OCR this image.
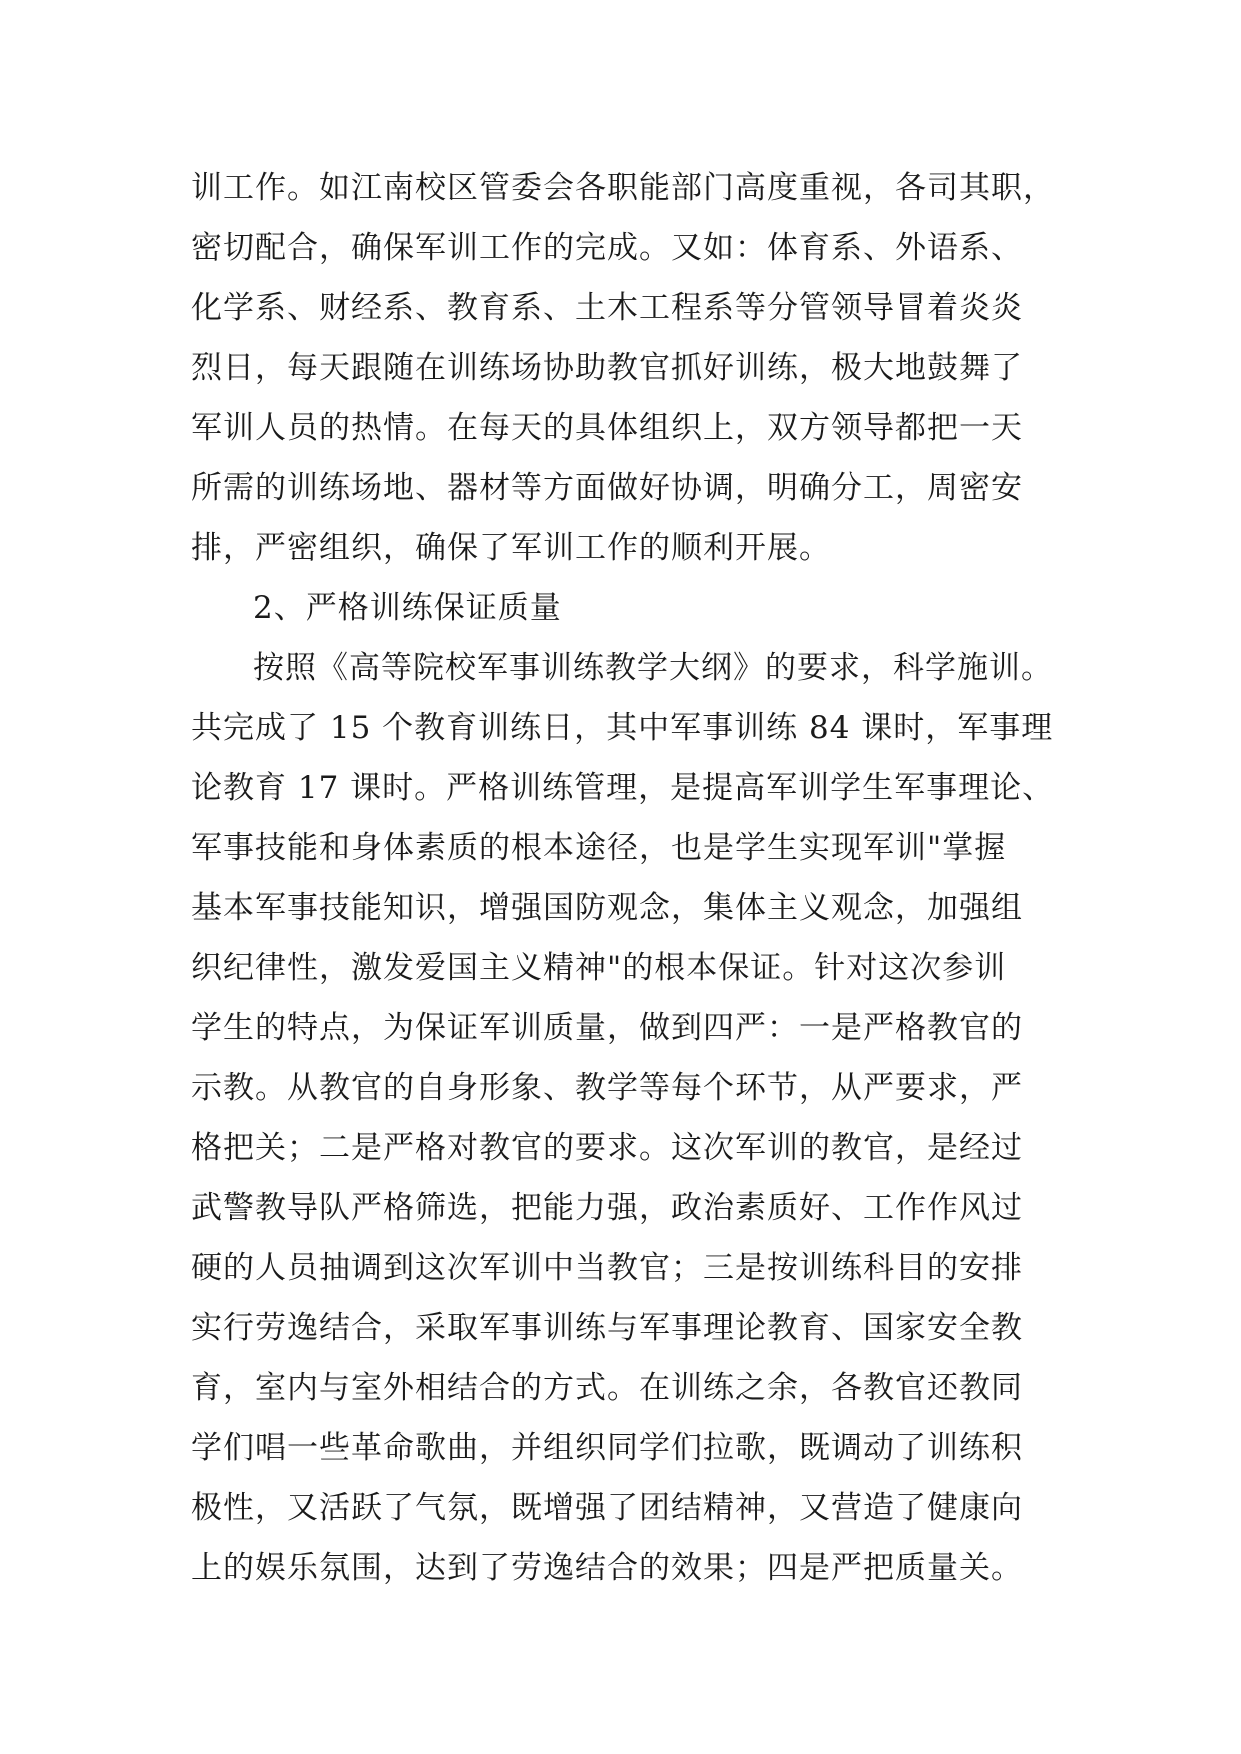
训工作。如江南校区管委会各职能部门高度重视，各司其职，
密切配合，确保军训工作的完成。又如：体育系、外语系、
化学系、财经系、教育系、土木工程系等分管领导冒着炎炎
烈日，每天跟随在训练场协助教官抓好训练，极大地鼓舞了
军训人员的热情。在每天的具体组织上，双方领导都把一天
所需的训练场地、器材等方面做好协调，明确分工，周密安
排，严密组织，确保了军训工作的顺利开展。
2、严格训练保证质量
按照《高等院校军事训练教学大纲》的要求，科学施训。
共完成了 15 个教育训练日，其中军事训练 84 课时，军事理
论教育 17 课时。严格训练管理，是提高军训学生军事理论、
军事技能和身体素质的根本途径，也是学生实现军训"掌握
基本军事技能知识，增强国防观念，集体主义观念，加强组
织纪律性，激发爱国主义精神"的根本保证。针对这次参训
学生的特点，为保证军训质量，做到四严：一是严格教官的
示教。从教官的自身形象、教学等每个环节，从严要求，严
格把关；二是严格对教官的要求。这次军训的教官，是经过
武警教导队严格筛选，把能力强，政治素质好、工作作风过
硬的人员抽调到这次军训中当教官；三是按训练科目的安排
实行劳逸结合，采取军事训练与军事理论教育、国家安全教
育，室内与室外相结合的方式。在训练之余，各教官还教同
学们唱一些革命歌曲，并组织同学们拉歌，既调动了训练积
极性，又活跃了气氛，既增强了团结精神，又营造了健康向
上的娱乐氛围，达到了劳逸结合的效果；四是严把质量关。
